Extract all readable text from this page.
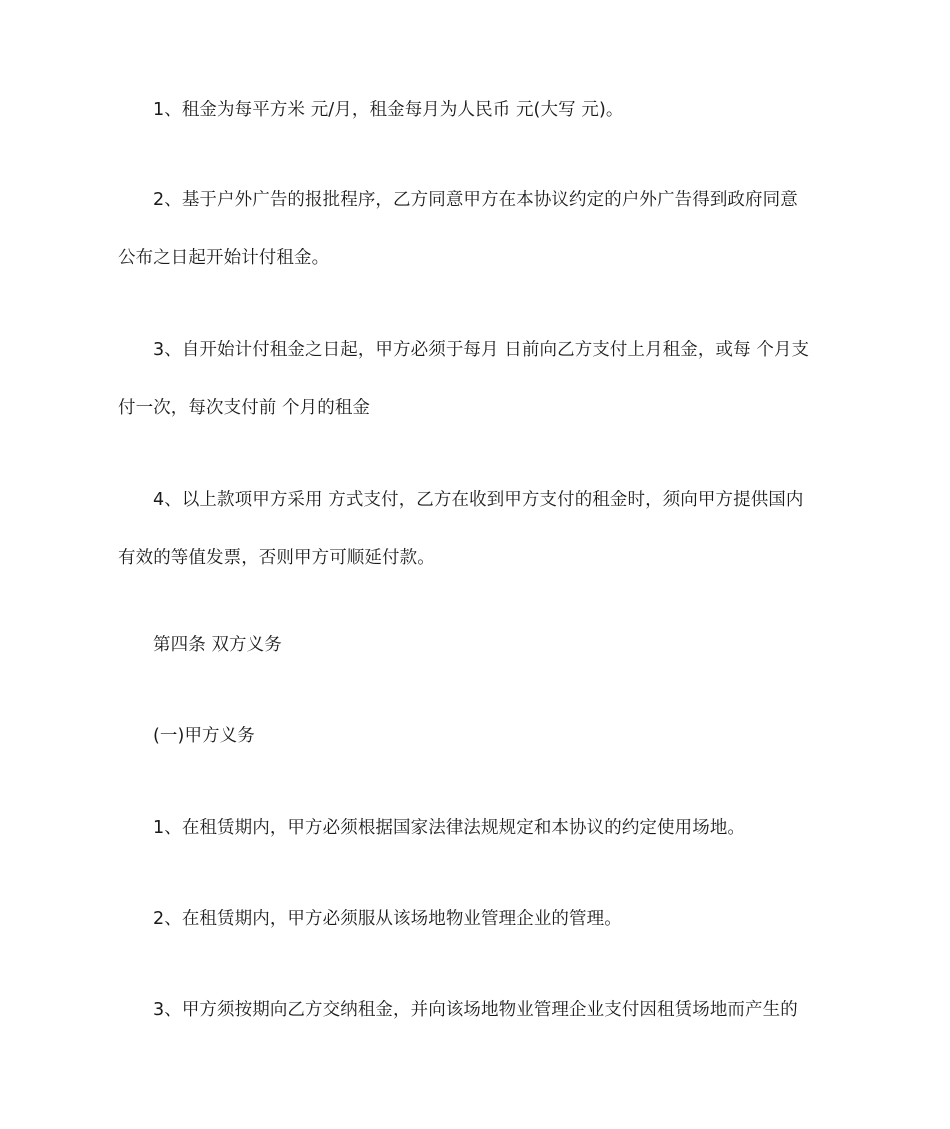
1、租金为每平方米 元/月，租金每月为人民币 元(大写 元)。
2、基于户外广告的报批程序，乙方同意甲方在本协议约定的户外广告得到政府同意
公布之日起开始计付租金。
3、自开始计付租金之日起，甲方必须于每月 日前向乙方支付上月租金，或每 个月支
付一次，每次支付前 个月的租金
4、以上款项甲方采用 方式支付，乙方在收到甲方支付的租金时，须向甲方提供国内
有效的等值发票，否则甲方可顺延付款。
第四条 双方义务
(一)甲方义务
1、在租赁期内，甲方必须根据国家法律法规规定和本协议的约定使用场地。
2、在租赁期内，甲方必须服从该场地物业管理企业的管理。
3、甲方须按期向乙方交纳租金，并向该场地物业管理企业支付因租赁场地而产生的
